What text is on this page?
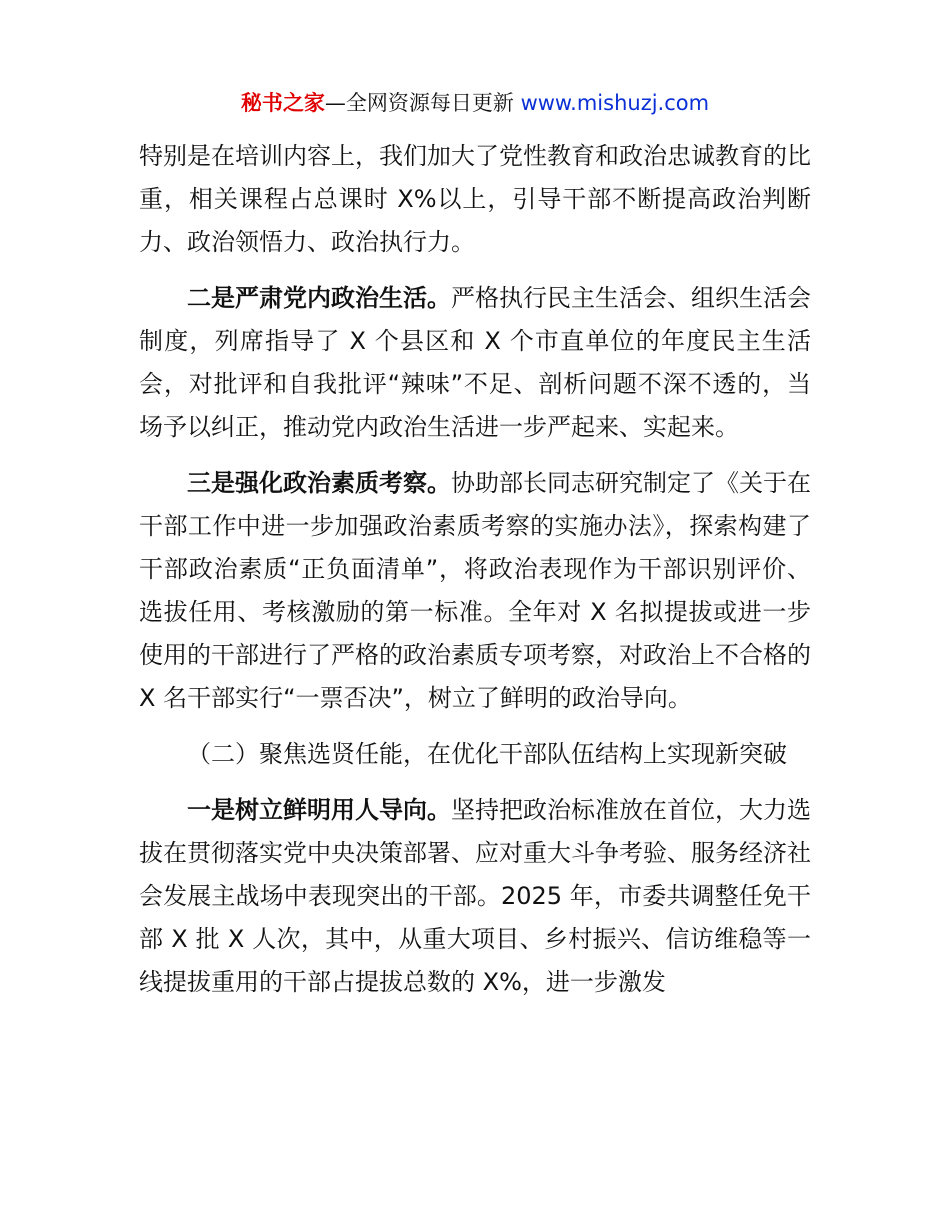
秘书之家—全网资源每日更新 www.mishuzj.com

特别是在培训内容上，我们加大了党性教育和政治忠诚教育的比重，相关课程占总课时 X%以上，引导干部不断提高政治判断力、政治领悟力、政治执行力。

二是严肃党内政治生活。严格执行民主生活会、组织生活会制度，列席指导了 X 个县区和 X 个市直单位的年度民主生活会，对批评和自我批评“辣味”不足、剖析问题不深不透的，当场予以纠正，推动党内政治生活进一步严起来、实起来。

三是强化政治素质考察。协助部长同志研究制定了《关于在干部工作中进一步加强政治素质考察的实施办法》，探索构建了干部政治素质“正负面清单”，将政治表现作为干部识别评价、选拔任用、考核激励的第一标准。全年对 X 名拟提拔或进一步使用的干部进行了严格的政治素质专项考察，对政治上不合格的 X 名干部实行“一票否决”，树立了鲜明的政治导向。

（二）聚焦选贤任能，在优化干部队伍结构上实现新突破

一是树立鲜明用人导向。坚持把政治标准放在首位，大力选拔在贯彻落实党中央决策部署、应对重大斗争考验、服务经济社会发展主战场中表现突出的干部。2025 年，市委共调整任免干部 X 批 X 人次，其中，从重大项目、乡村振兴、信访维稳等一线提拔重用的干部占提拔总数的 X%，进一步激发
